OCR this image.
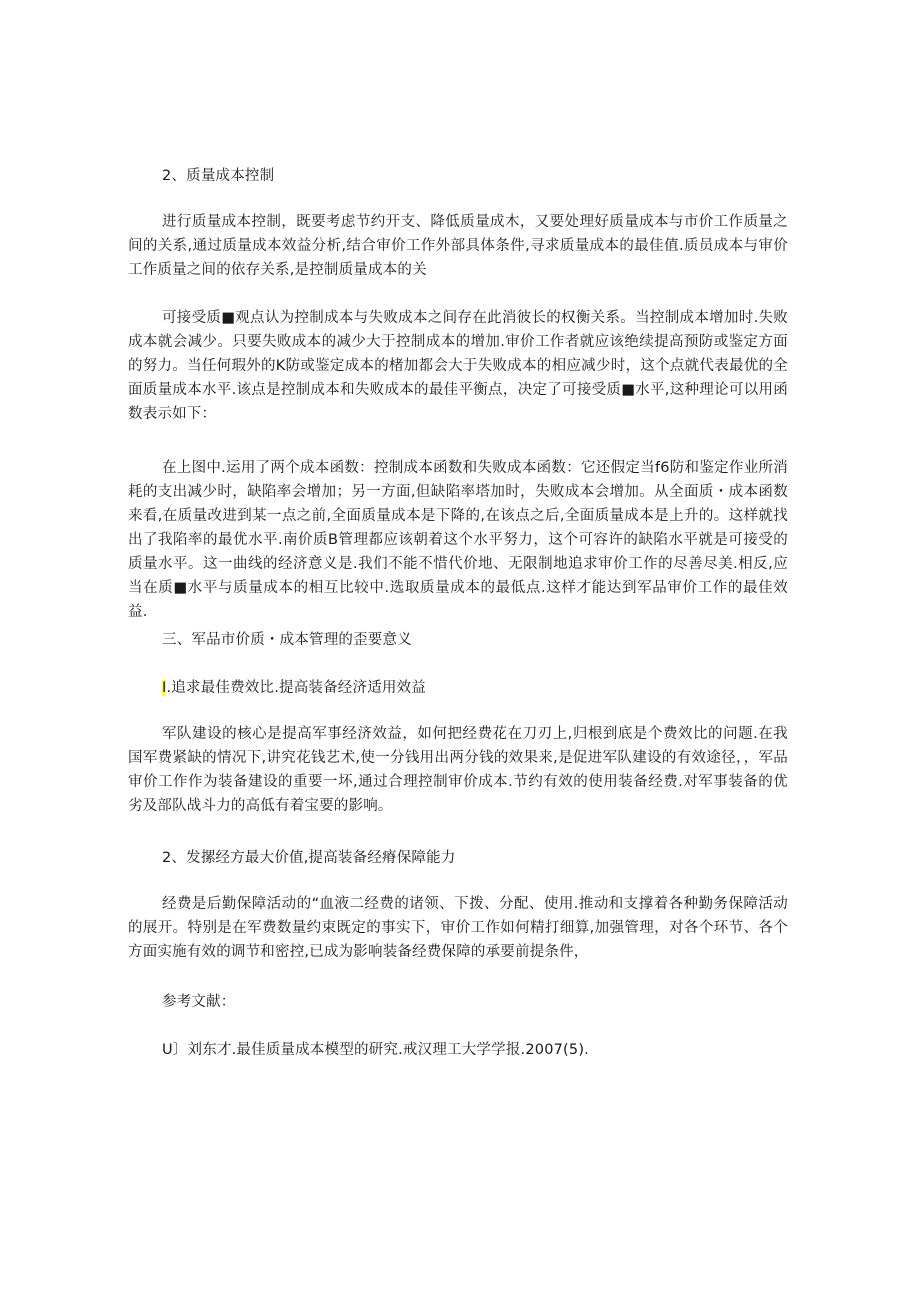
2、质量成本控制

进行质量成本控制，既要考虑节约开支、降低质量成木，又要处理好质量成本与市价工作质量之间的关系,通过质量成本效益分析,结合审价工作外部具体条件,寻求质量成本的最佳值.质员成本与审价工作质量之间的依存关系,是控制质量成本的关

可接受质■观点认为控制成本与失败成本之间存在此消彼长的权衡关系。当控制成本增加时.失败成本就会减少。只要失败成本的减少大于控制成本的增加.审价工作者就应该绝续提高预防或鉴定方面的努力。当任何瑕外的K防或鉴定成本的楮加都会大于失败成本的相应减少时，这个点就代表最优的全面质量成本水平.该点是控制成本和失败成本的最佳平衡点，决定了可接受质■水平,这种理论可以用函数表示如下：

在上图中.运用了两个成本函数：控制成本函数和失败成本函数：它还假定当f6防和鉴定作业所消耗的支出减少时，缺陷率会增加；另一方面,但缺陷率塔加时，失败成本会增加。从全面质・成本函数来看,在质量改进到某一点之前,全面质量成本是下降的,在该点之后,全面质量成本是上升的。这样就找出了我陷率的最优水平.南价质B管理都应该朝着这个水平努力，这个可容许的缺陷水平就是可接受的质量水平。这一曲线的经济意义是.我们不能不惜代价地、无限制地追求审价工作的尽善尽美.相反,应当在质■水平与质量成本的相互比较中.选取质量成本的最低点.这样才能达到军品审价工作的最佳效益.

三、军品市价质・成本管理的歪要意义

I.追求最佳费效比.提高装备经济适用效益

军队建设的核心是提高军事经济效益，如何把经费花在刀刃上,归根到底是个费效比的问题.在我国军费紧缺的情况下,讲究花钱艺术,使一分钱用出两分钱的效果来,是促进军队建设的有效途径，，军品审价工作作为装备建设的重要一坏,通过合理控制审价成本.节约有效的使用装备经费.对军事装备的优劣及部队战斗力的高低有着宝要的影响。

2、发摞经方最大价值,提高装备经瘠保障能力

经费是后勤保障活动的“血液二经费的诸领、下拨、分配、使用.推动和支撑着各种勤务保障活动的展开。特别是在军费数量约束既定的事实下，审价工作如何精打细算,加强管理，对各个环节、各个方面实施有效的调节和密控,已成为影响装备经费保障的承要前提条件，

参考文献：

U〕刘东才.最佳质量成本模型的研究.戒汉理工大学学报.2007(5).
